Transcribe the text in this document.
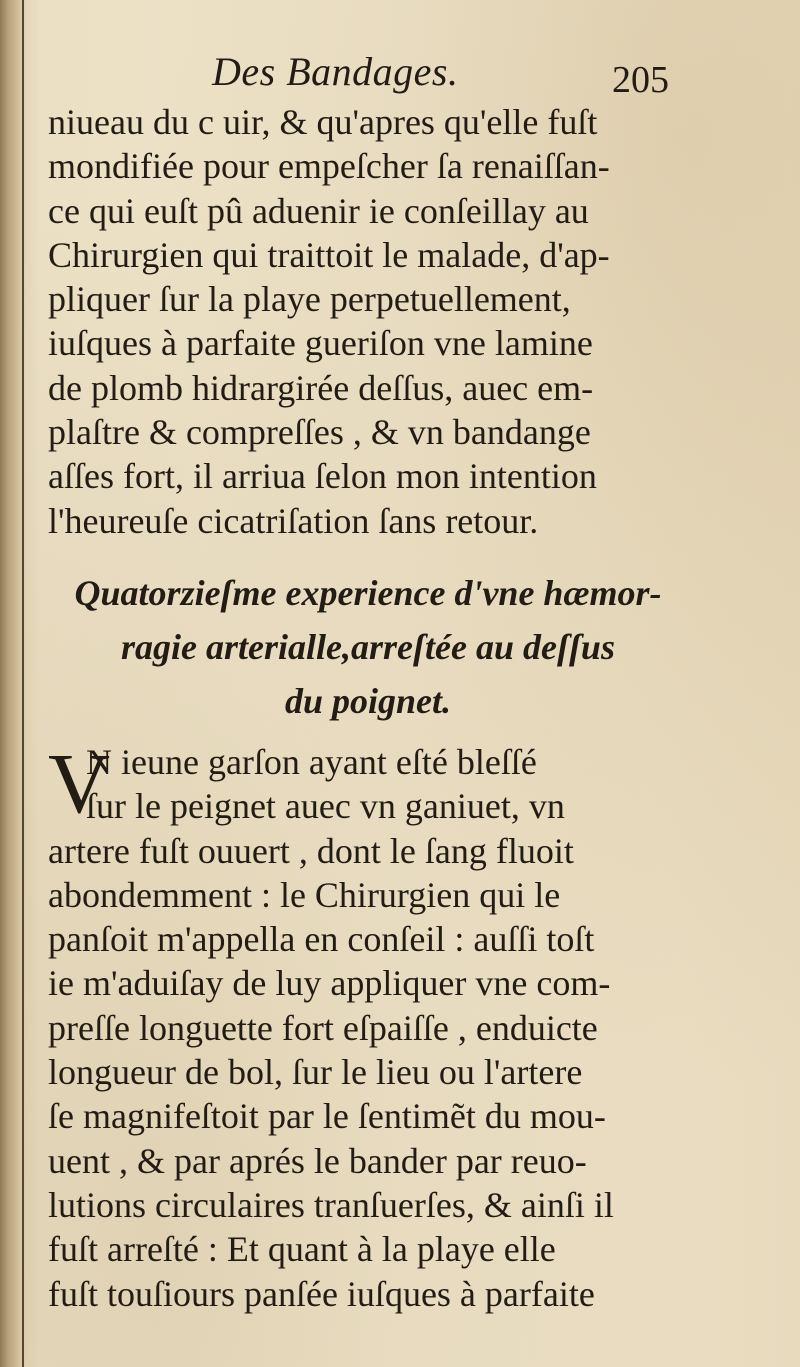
Des Bandages.	205
niueau du c uir, & qu'apres qu'elle fuſt
mondifiée pour empeſcher ſa renaiſſan-
ce qui euſt pû aduenir ie conſeillay au
Chirurgien qui traittoit le malade, d'ap-
pliquer ſur la playe perpetuellement,
iuſques à parfaite gueriſon vne lamine
de plomb hidrargirée deſſus, auec em-
plaſtre & compreſſes , & vn bandange
aſſes fort, il arriua ſelon mon intention
l'heureuſe cicatriſation ſans retour.
Quatorzieſme experience d'vne hæmor-
ragie arterialle,arreſtée au deſſus
du poignet.
V
N ieune garſon ayant eſté bleſſé
ſur le peignet auec vn ganiuet, vn
artere fuſt ouuert , dont le ſang fluoit
abondemment : le Chirurgien qui le
panſoit m'appella en conſeil : auſſi toſt
ie m'aduiſay de luy appliquer vne com-
preſſe longuette fort eſpaiſſe , enduicte
longueur de bol, ſur le lieu ou l'artere
ſe magnifeſtoit par le ſentimẽt du mou-
uent , & par aprés le bander par reuo-
lutions circulaires tranſuerſes, & ainſi il
fuſt arreſté : Et quant à la playe elle
fuſt touſiours panſée iuſques à parfaite
